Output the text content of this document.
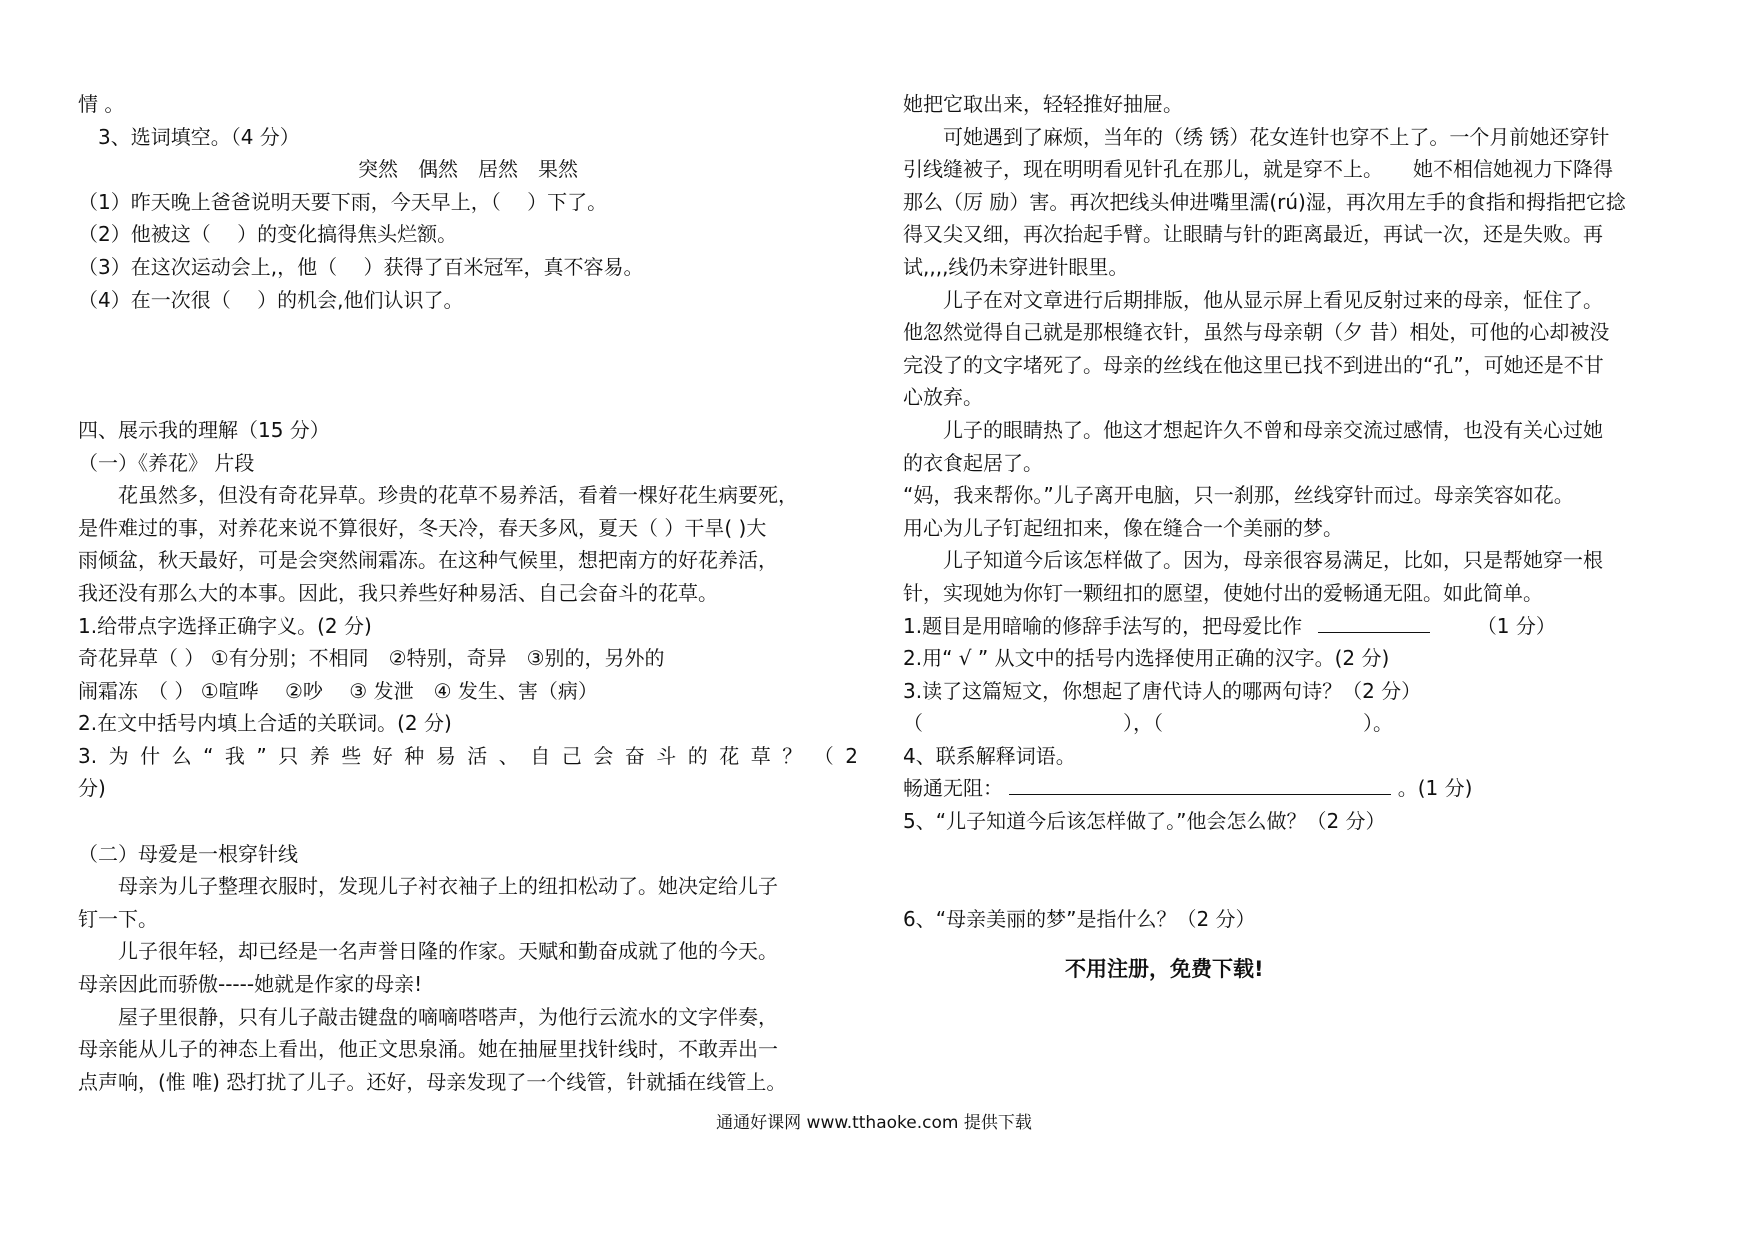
情 。
3、选词填空。（4 分）
突然　偶然　居然　果然
（1）昨天晚上爸爸说明天要下雨，今天早上，（　 ）下了。
（2）他被这（　 ）的变化搞得焦头烂额。
（3）在这次运动会上,，他（　 ）获得了百米冠军，真不容易。
（4）在一次很（　 ）的机会,他们认识了。
四、展示我的理解（15 分）
（一）《养花》 片段
花虽然多，但没有奇花异草。珍贵的花草不易养活，看着一棵好花生病要死，
是件难过的事，对养花来说不算很好，冬天冷，春天多风，夏天（ ）干旱( )大
雨倾盆，秋天最好，可是会突然闹霜冻。在这种气候里，想把南方的好花养活，
我还没有那么大的本事。因此，我只养些好种易活、自己会奋斗的花草。
1.给带点字选择正确字义。(2 分)
奇花异草（ ） ①有分别；不相同　②特别，奇异　③别的，另外的
闹霜冻　（ ） ①喧哗　 ②吵　 ③ 发泄　④ 发生、害（病）
2.在文中括号内填上合适的关联词。(2 分)
3.为什么“我”只养些好种易活、自己会奋斗的花草？（2
分)
（二）母爱是一根穿针线
母亲为儿子整理衣服时，发现儿子衬衣袖子上的纽扣松动了。她决定给儿子
钉一下。
儿子很年轻，却已经是一名声誉日隆的作家。天赋和勤奋成就了他的今天。
母亲因此而骄傲-----她就是作家的母亲!
屋子里很静，只有儿子敲击键盘的嘀嘀嗒嗒声，为他行云流水的文字伴奏，
母亲能从儿子的神态上看出，他正文思泉涌。她在抽屉里找针线时，不敢弄出一
点声响，(惟 唯) 恐打扰了儿子。还好，母亲发现了一个线管，针就插在线管上。
她把它取出来，轻轻推好抽屉。
可她遇到了麻烦，当年的（绣 锈）花女连针也穿不上了。一个月前她还穿针
引线缝被子，现在明明看见针孔在那儿，就是穿不上。　　她不相信她视力下降得
那么（厉 励）害。再次把线头伸进嘴里濡(rú)湿，再次用左手的食指和拇指把它捻
得又尖又细，再次抬起手臂。让眼睛与针的距离最近，再试一次，还是失败。再
试,,,,线仍未穿进针眼里。
儿子在对文章进行后期排版，他从显示屏上看见反射过来的母亲，怔住了。
他忽然觉得自己就是那根缝衣针，虽然与母亲朝（夕 昔）相处，可他的心却被没
完没了的文字堵死了。母亲的丝线在他这里已找不到进出的“孔”，可她还是不甘
心放弃。
儿子的眼睛热了。他这才想起许久不曾和母亲交流过感情，也没有关心过她
的衣食起居了。
“妈，我来帮你。”儿子离开电脑，只一刹那，丝线穿针而过。母亲笑容如花。
用心为儿子钉起纽扣来，像在缝合一个美丽的梦。
儿子知道今后该怎样做了。因为，母亲很容易满足，比如，只是帮她穿一根
针，实现她为你钉一颗纽扣的愿望，使她付出的爱畅通无阻。如此简单。
1.题目是用暗喻的修辞手法写的，把母爱比作	（1 分）
2.用“ √ ” 从文中的括号内选择使用正确的汉字。(2 分)
3.读了这篇短文，你想起了唐代诗人的哪两句诗？（2 分）
（　　　　　　　　　　），（　　　　　　　　　　）。
4、联系解释词语。
畅通无阻：	。(1 分)
5、“儿子知道今后该怎样做了。”他会怎么做？（2 分）
6、“母亲美丽的梦”是指什么？（2 分）
不用注册，免费下载!
通通好课网 www.tthaoke.com 提供下载
